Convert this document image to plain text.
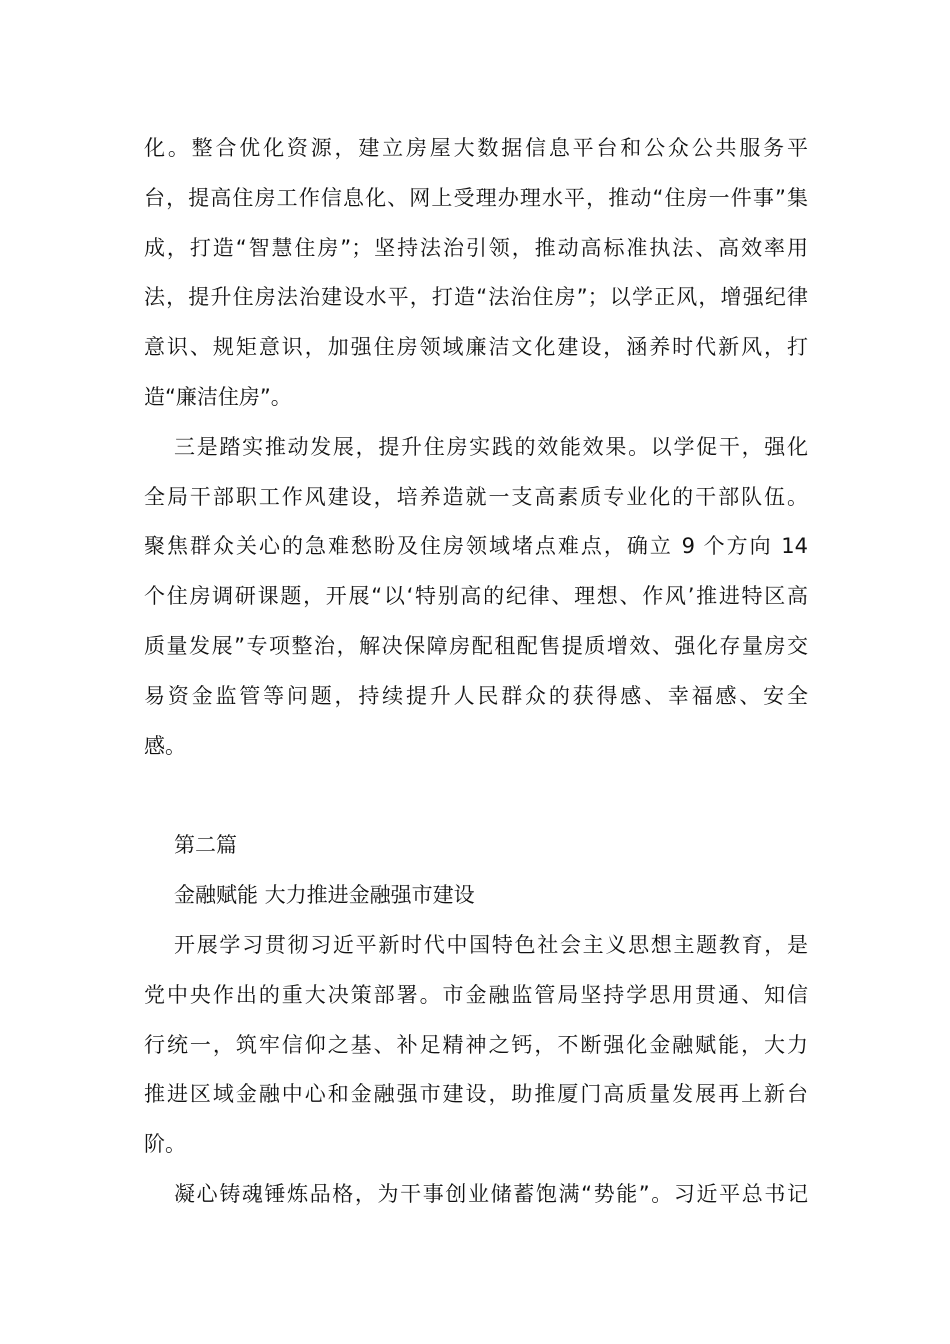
化。整合优化资源，建立房屋大数据信息平台和公众公共服务平
台，提高住房工作信息化、网上受理办理水平，推动“住房一件事”集
成，打造“智慧住房”；坚持法治引领，推动高标准执法、高效率用
法，提升住房法治建设水平，打造“法治住房”；以学正风，增强纪律
意识、规矩意识，加强住房领域廉洁文化建设，涵养时代新风，打
造“廉洁住房”。
三是踏实推动发展，提升住房实践的效能效果。以学促干，强化
全局干部职工作风建设，培养造就一支高素质专业化的干部队伍。
聚焦群众关心的急难愁盼及住房领域堵点难点，确立 9 个方向 14
个住房调研课题，开展“以‘特别高的纪律、理想、作风’推进特区高
质量发展”专项整治，解决保障房配租配售提质增效、强化存量房交
易资金监管等问题，持续提升人民群众的获得感、幸福感、安全
感。
第二篇
金融赋能 大力推进金融强市建设
开展学习贯彻习近平新时代中国特色社会主义思想主题教育，是
党中央作出的重大决策部署。市金融监管局坚持学思用贯通、知信
行统一，筑牢信仰之基、补足精神之钙，不断强化金融赋能，大力
推进区域金融中心和金融强市建设，助推厦门高质量发展再上新台
阶。
凝心铸魂锤炼品格，为干事创业储蓄饱满“势能”。习近平总书记
